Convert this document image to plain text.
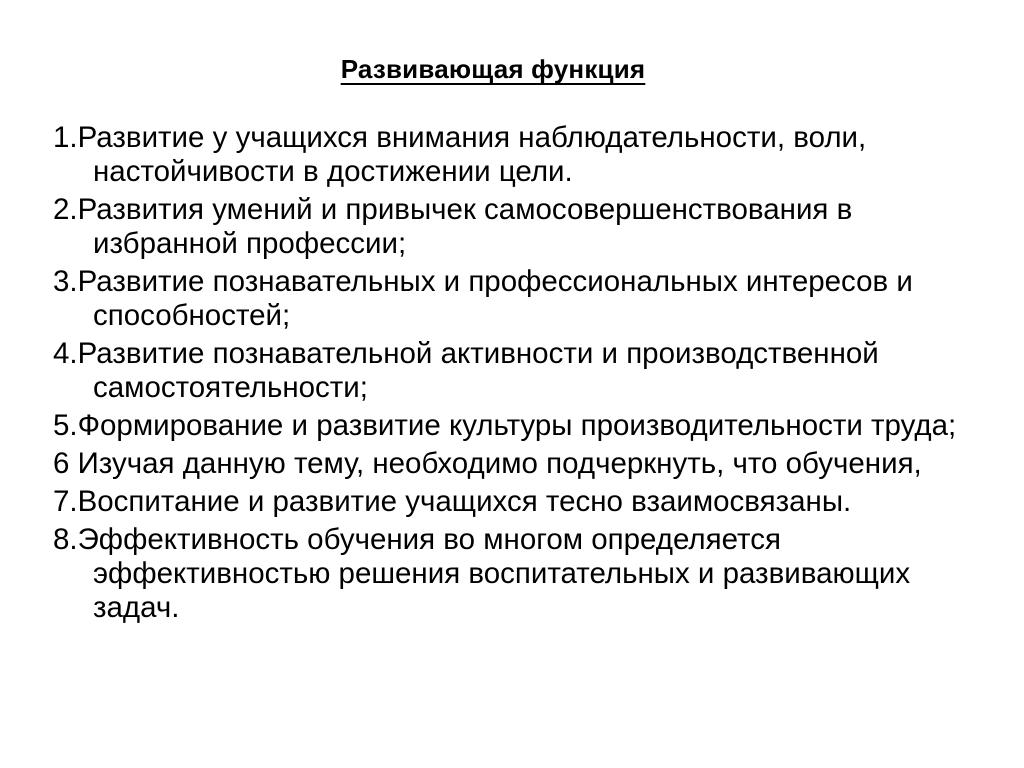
Развивающая функция
1.Развитие у учащихся внимания наблюдательности, воли, настойчивости в достижении цели.
2.Развития умений и привычек самосовершенствования в избранной профессии;
3.Развитие познавательных и профессиональных интересов и способностей;
4.Развитие познавательной активности и производственной самостоятельности;
5.Формирование и развитие культуры производительности труда;
6 Изучая данную тему, необходимо подчеркнуть, что обучения,
7.Воспитание и развитие учащихся тесно взаимосвязаны.
8.Эффективность обучения во многом определяется эффективностью решения воспитательных и развивающих задач.
